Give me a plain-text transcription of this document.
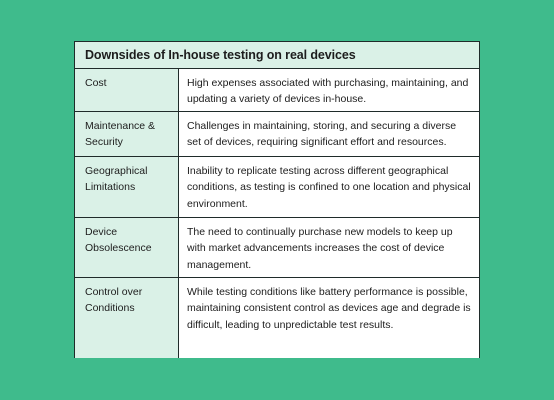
Downsides of In-house testing on real devices
Cost	High expenses associated with purchasing, maintaining, and updating a variety of devices in-house.
Maintenance & Security
Challenges in maintaining, storing, and securing a diverse set of devices, requiring significant effort and resources.
Geographical Limitations
Inability to replicate testing across different geographical conditions, as testing is confined to one location and physical environment.
Device Obsolescence
The need to continually purchase new models to keep up with market advancements increases the cost of device management.
Control over Conditions
While testing conditions like battery performance is possible, maintaining consistent control as devices age and degrade is difficult, leading to unpredictable test results.
